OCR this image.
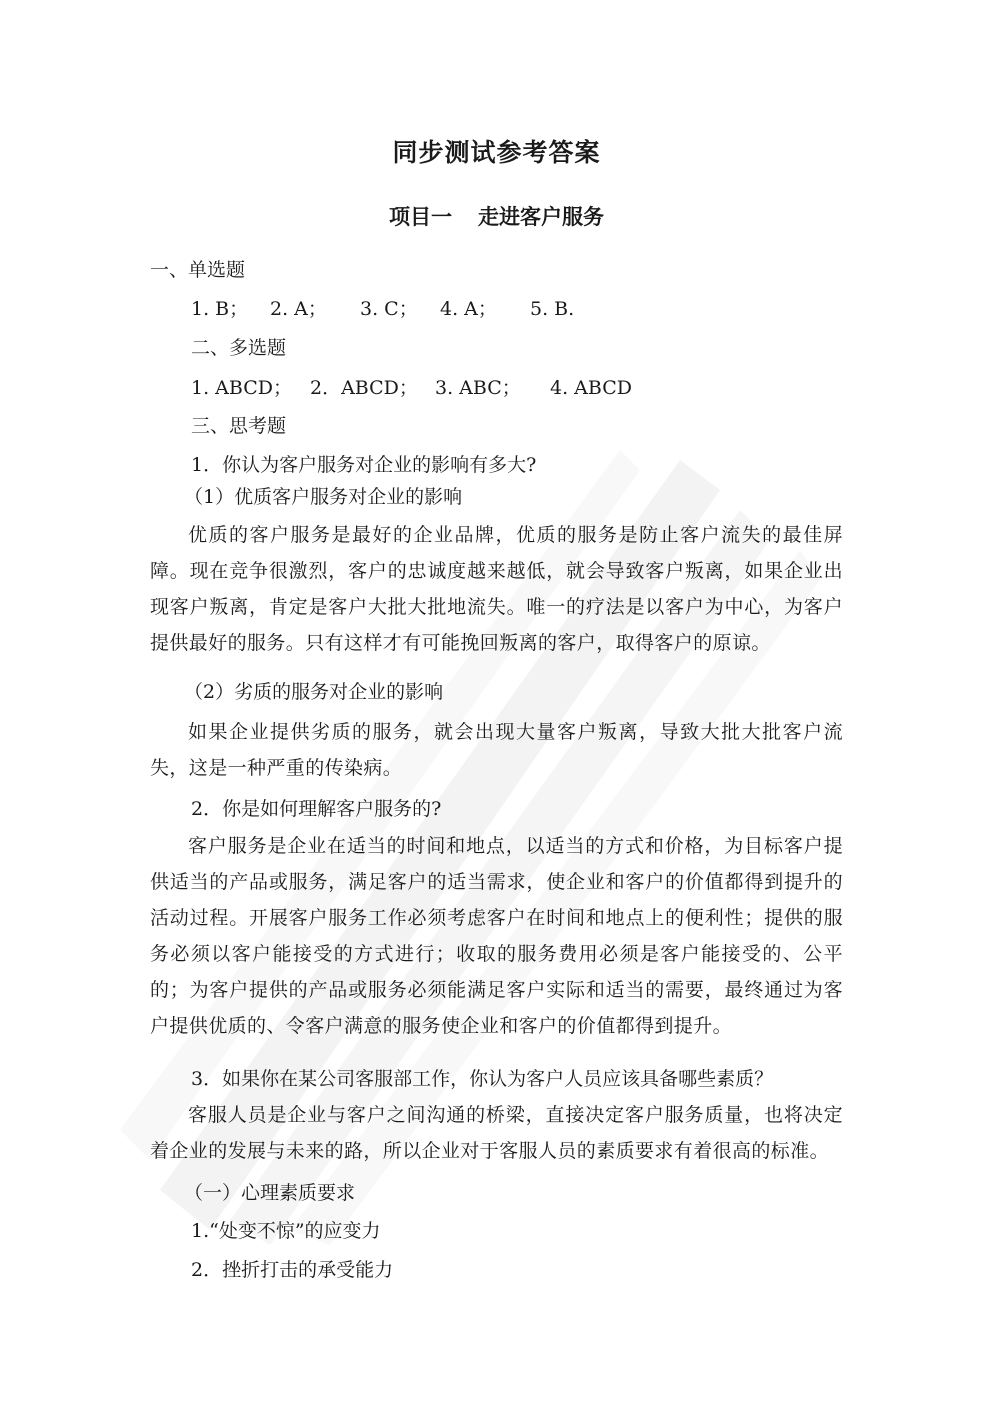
同步测试参考答案
项目一 走进客户服务
一、单选题
1. B； 2. A； 3. C； 4. A； 5. B.
二、多选题
1. ABCD； 2．ABCD； 3. ABC； 4. ABCD
三、思考题
1．你认为客户服务对企业的影响有多大?
（1）优质客户服务对企业的影响

优质的客户服务是最好的企业品牌，优质的服务是防止客户流失的最佳屏障。现在竞争很激烈，客户的忠诚度越来越低，就会导致客户叛离，如果企业出现客户叛离，肯定是客户大批大批地流失。唯一的疗法是以客户为中心，为客户提供最好的服务。只有这样才有可能挽回叛离的客户，取得客户的原谅。

（2）劣质的服务对企业的影响

如果企业提供劣质的服务，就会出现大量客户叛离，导致大批大批客户流失，这是一种严重的传染病。

2．你是如何理解客户服务的?

客户服务是企业在适当的时间和地点，以适当的方式和价格，为目标客户提供适当的产品或服务，满足客户的适当需求，使企业和客户的价值都得到提升的活动过程。开展客户服务工作必须考虑客户在时间和地点上的便利性；提供的服务必须以客户能接受的方式进行；收取的服务费用必须是客户能接受的、公平的；为客户提供的产品或服务必须能满足客户实际和适当的需要，最终通过为客户提供优质的、令客户满意的服务使企业和客户的价值都得到提升。

3．如果你在某公司客服部工作，你认为客户人员应该具备哪些素质？

客服人员是企业与客户之间沟通的桥梁，直接决定客户服务质量，也将决定着企业的发展与未来的路，所以企业对于客服人员的素质要求有着很高的标准。

（一）心理素质要求
1.“处变不惊”的应变力
2．挫折打击的承受能力
